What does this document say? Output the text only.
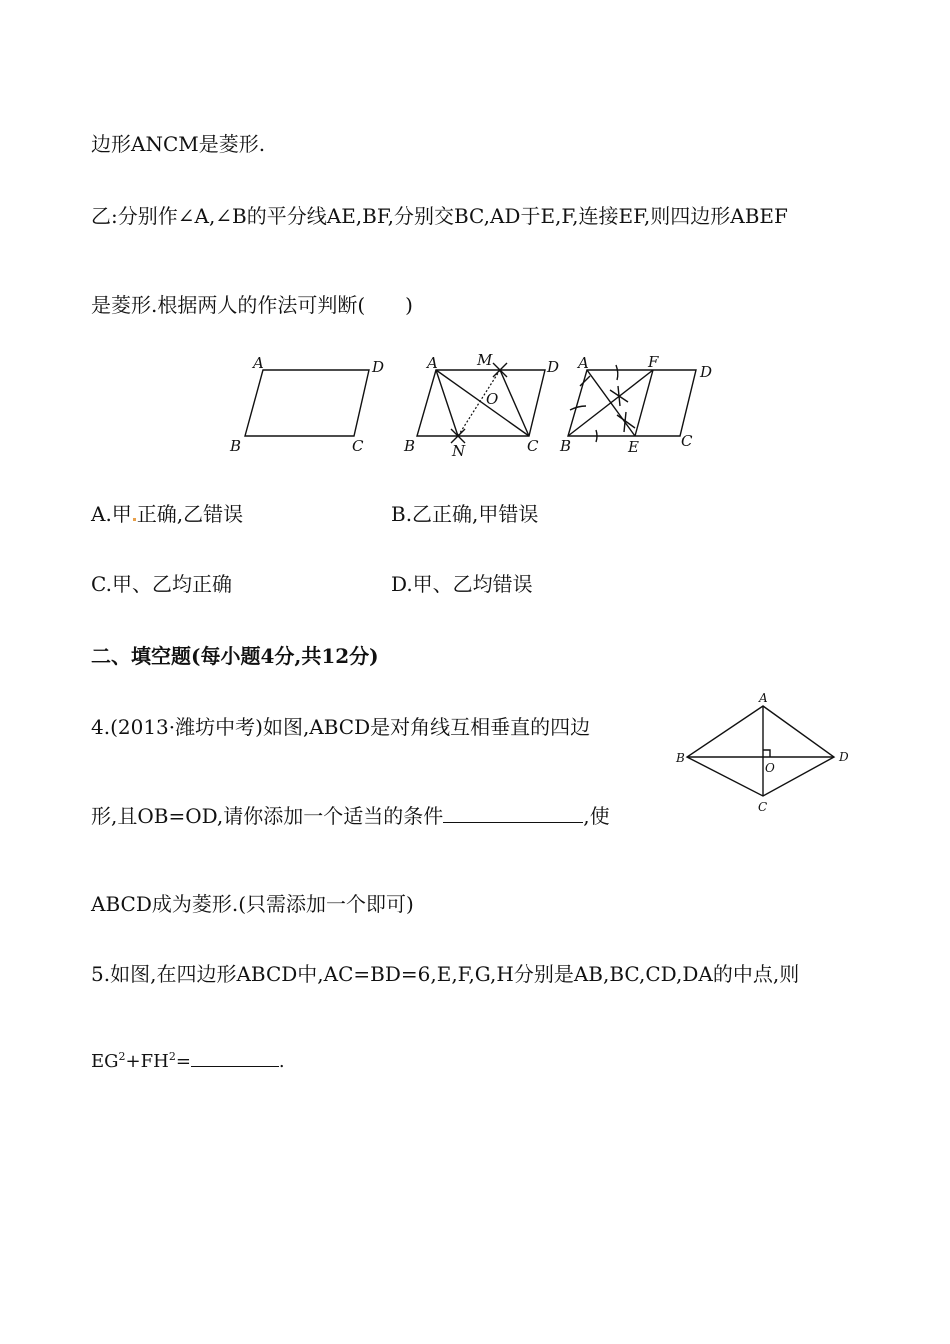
边形ANCM是菱形.
乙:分别作∠A,∠B的平分线AE,BF,分别交BC,AD于E,F,连接EF,则四边形ABEF
是菱形.根据两人的作法可判断(　　)
A	D
B	C
A	M	D
O
B N	C
A	F
D
B	E	C
A.甲 正确,乙错误	B.乙正确,甲错误
C.甲、乙均正确	D.甲、乙均错误
二、填空题(每小题4分,共12分)
4.(2013·潍坊中考)如图,ABCD是对角线互相垂直的四边
形,且OB=OD,请你添加一个适当的条件	,使
ABCD成为菱形.(只需添加一个即可)
A
B
O
D
C
5.如图,在四边形ABCD中,AC=BD=6,E,F,G,H分别是AB,BC,CD,DA的中点,则
$EG^2+FH^2=$	.
